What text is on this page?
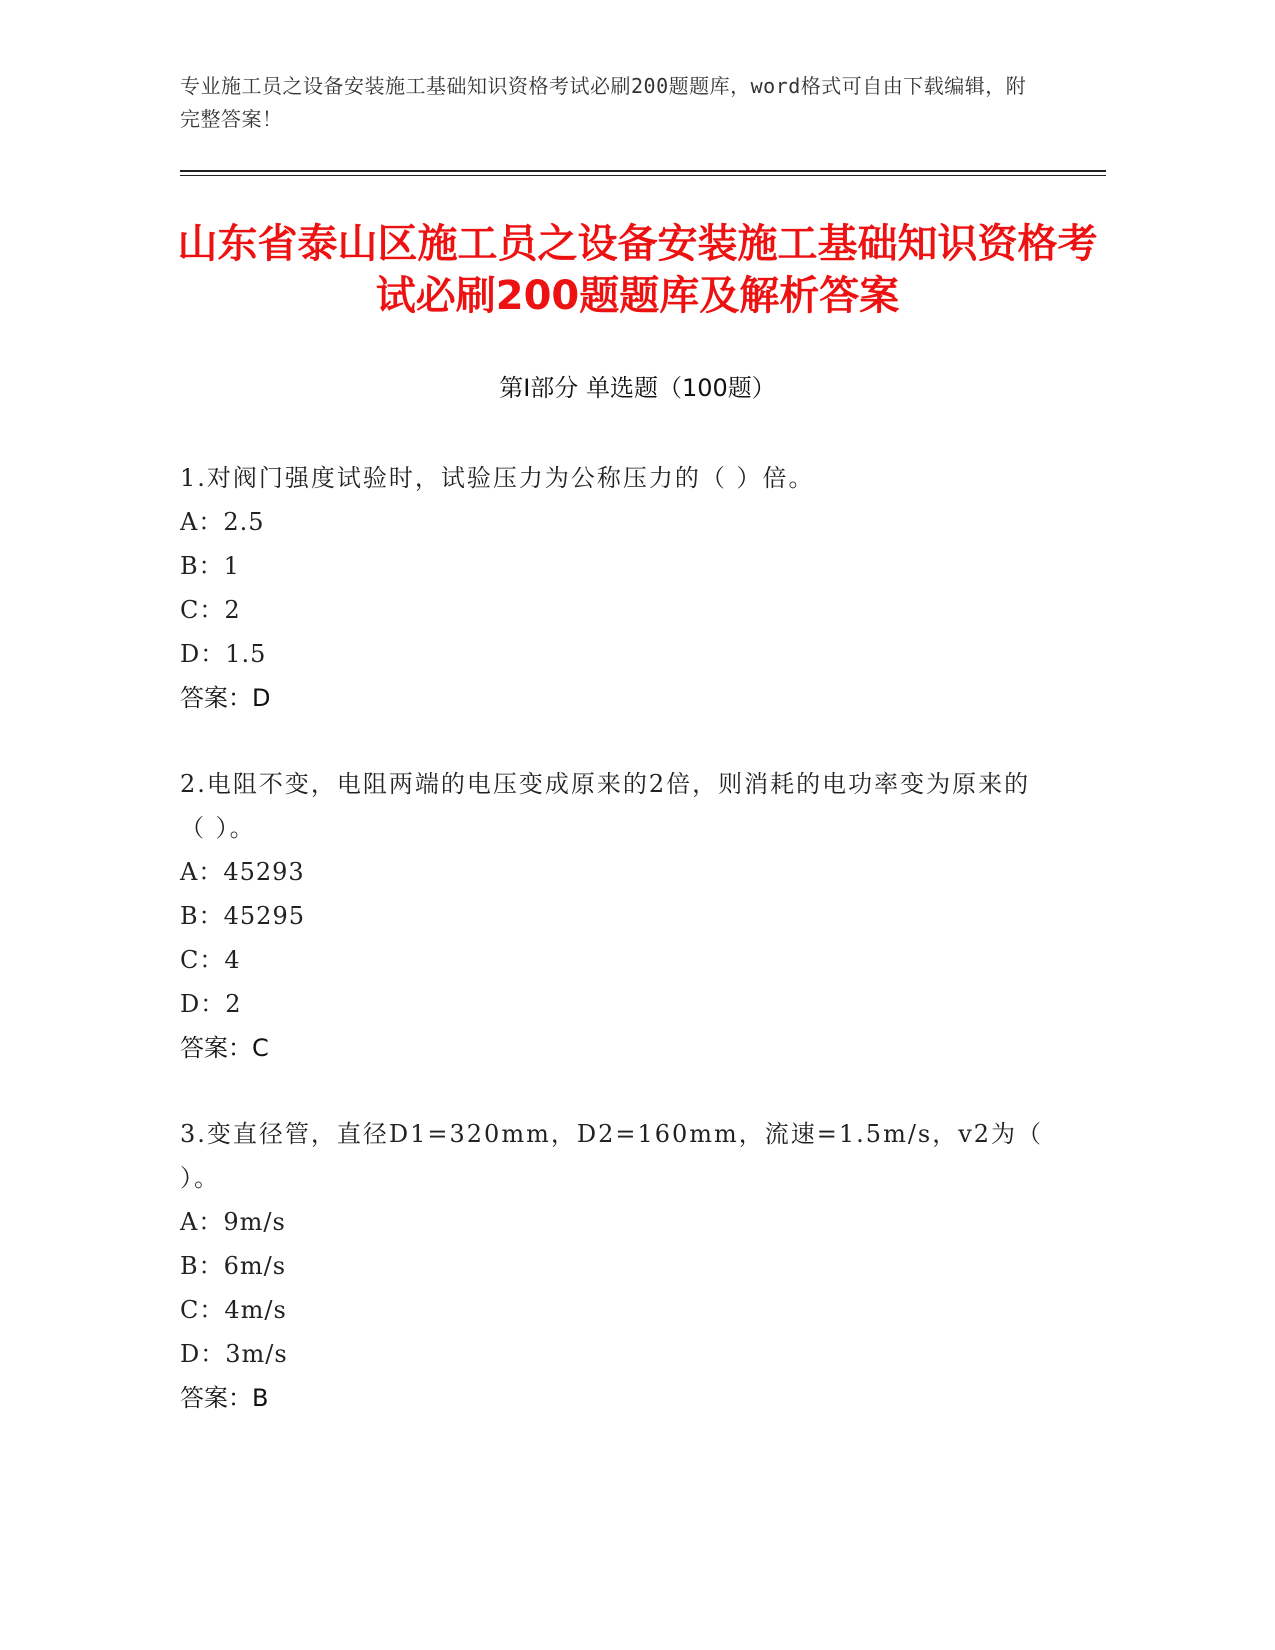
专业施工员之设备安装施工基础知识资格考试必刷200题题库，word格式可自由下载编辑，附完整答案！
山东省泰山区施工员之设备安装施工基础知识资格考试必刷200题题库及解析答案
第Ⅰ部分 单选题（100题）
1.对阀门强度试验时，试验压力为公称压力的（ ）倍。
A：2.5
B：1
C：2
D：1.5
答案：D
2.电阻不变，电阻两端的电压变成原来的2倍，则消耗的电功率变为原来的（ ）。
A：45293
B：45295
C：4
D：2
答案：C
3.变直径管，直径D1=320mm，D2=160mm，流速=1.5m/s，v2为（ ）。
A：9m/s
B：6m/s
C：4m/s
D：3m/s
答案：B
